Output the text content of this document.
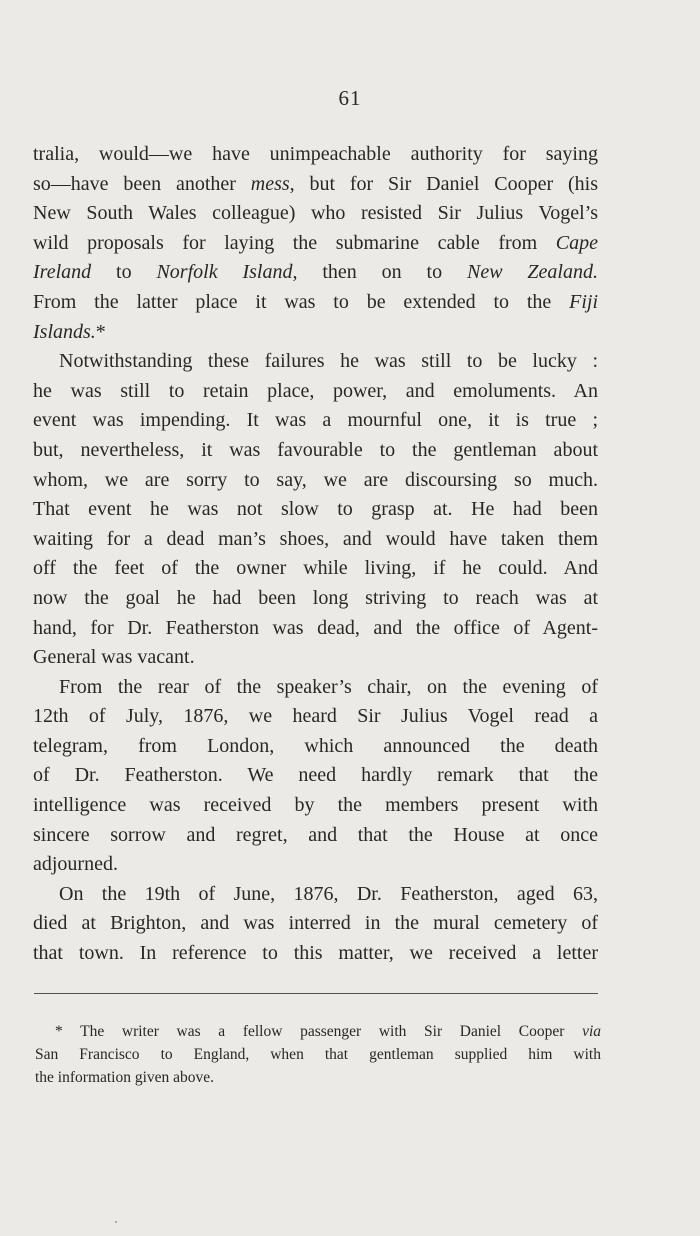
61
tralia, would—we have unimpeachable authority for saying
so—have been another mess, but for Sir Daniel Cooper (his
New South Wales colleague) who resisted Sir Julius Vogel’s
wild proposals for laying the submarine cable from Cape
Ireland to Norfolk Island, then on to New Zealand.
From the latter place it was to be extended to the Fiji
Islands.*
Notwithstanding these failures he was still to be lucky :
he was still to retain place, power, and emoluments. An
event was impending. It was a mournful one, it is true ;
but, nevertheless, it was favourable to the gentleman about
whom, we are sorry to say, we are discoursing so much.
That event he was not slow to grasp at. He had been
waiting for a dead man’s shoes, and would have taken them
off the feet of the owner while living, if he could. And
now the goal he had been long striving to reach was at
hand, for Dr. Featherston was dead, and the office of Agent-
General was vacant.
From the rear of the speaker’s chair, on the evening of
12th of July, 1876, we heard Sir Julius Vogel read a
telegram, from London, which announced the death
of Dr. Featherston. We need hardly remark that the
intelligence was received by the members present with
sincere sorrow and regret, and that the House at once
adjourned.
On the 19th of June, 1876, Dr. Featherston, aged 63,
died at Brighton, and was interred in the mural cemetery of
that town. In reference to this matter, we received a letter
* The writer was a fellow passenger with Sir Daniel Cooper via
San Francisco to England, when that gentleman supplied him with
the information given above.
